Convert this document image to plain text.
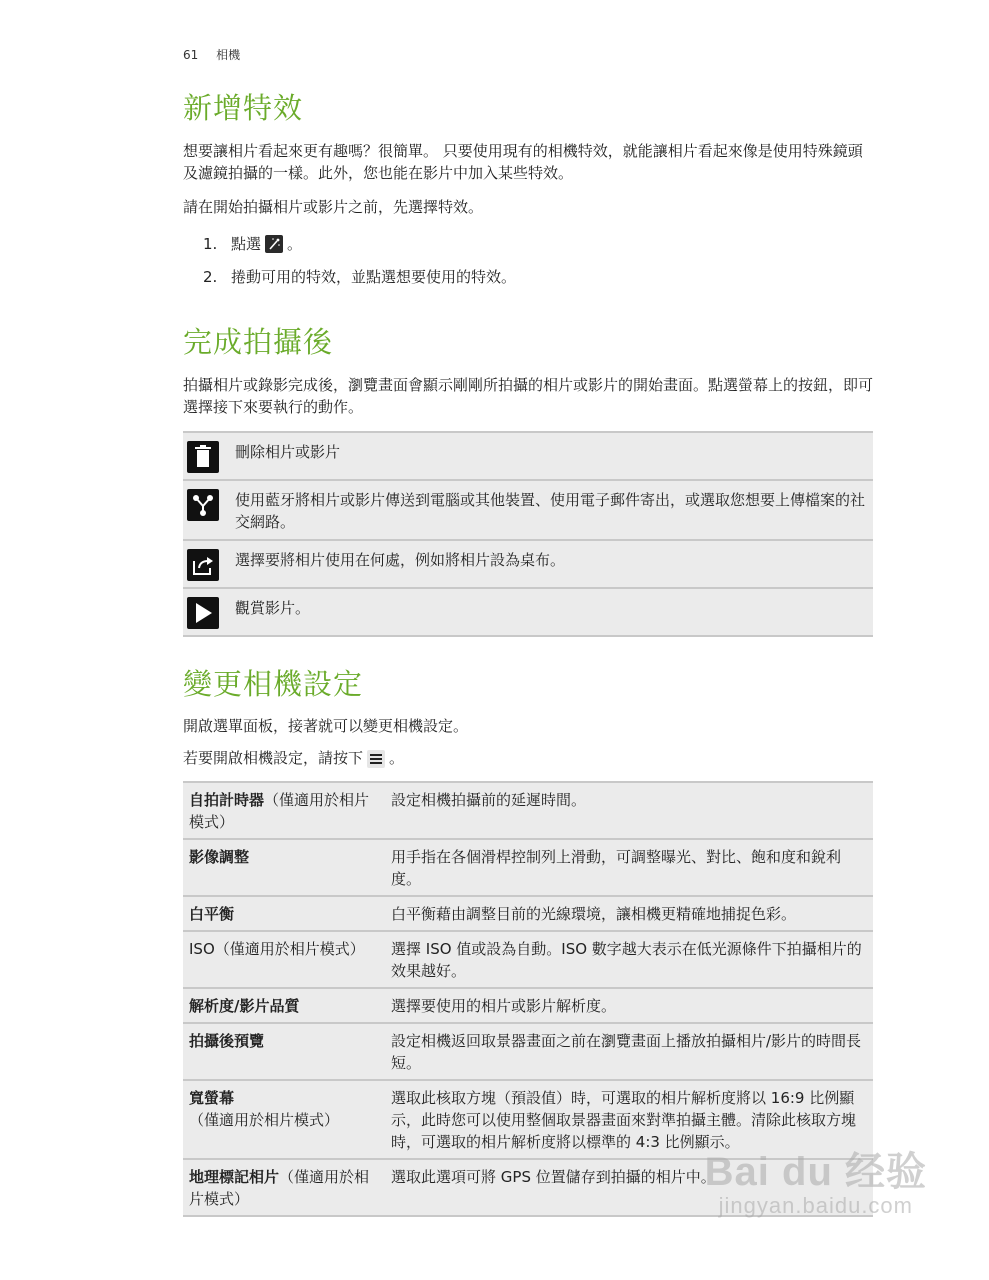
61 相機
新增特效

想要讓相片看起來更有趣嗎？很簡單。 只要使用現有的相機特效，就能讓相片看起來像是使用特殊鏡頭及濾鏡拍攝的一樣。此外，您也能在影片中加入某些特效。

請在開始拍攝相片或影片之前，先選擇特效。

1. 點選 。
2. 捲動可用的特效，並點選想要使用的特效。
完成拍攝後

拍攝相片或錄影完成後，瀏覽畫面會顯示剛剛所拍攝的相片或影片的開始畫面。點選螢幕上的按鈕，即可選擇接下來要執行的動作。

	刪除相片或影片

	使用藍牙將相片或影片傳送到電腦或其他裝置、使用電子郵件寄出，或選取您想要上傳檔案的社交網路。

	選擇要將相片使用在何處，例如將相片設為桌布。

	觀賞影片。
變更相機設定

開啟選單面板，接著就可以變更相機設定。

若要開啟相機設定，請按下 。

自拍計時器（僅適用於相片模式）	設定相機拍攝前的延遲時間。
影像調整	用手指在各個滑桿控制列上滑動，可調整曝光、對比、飽和度和銳利度。
白平衡	白平衡藉由調整目前的光線環境，讓相機更精確地捕捉色彩。
ISO（僅適用於相片模式）	選擇 ISO 值或設為自動。ISO 數字越大表示在低光源條件下拍攝相片的效果越好。
解析度/影片品質	選擇要使用的相片或影片解析度。
拍攝後預覽	設定相機返回取景器畫面之前在瀏覽畫面上播放拍攝相片/影片的時間長短。
寬螢幕（僅適用於相片模式）	選取此核取方塊（預設值）時，可選取的相片解析度將以 16:9 比例顯示，此時您可以使用整個取景器畫面來對準拍攝主體。清除此核取方塊時，可選取的相片解析度將以標準的 4:3 比例顯示。
地理標記相片（僅適用於相片模式）	選取此選項可將 GPS 位置儲存到拍攝的相片中。
Bai du 经验
jingyan.baidu.com
